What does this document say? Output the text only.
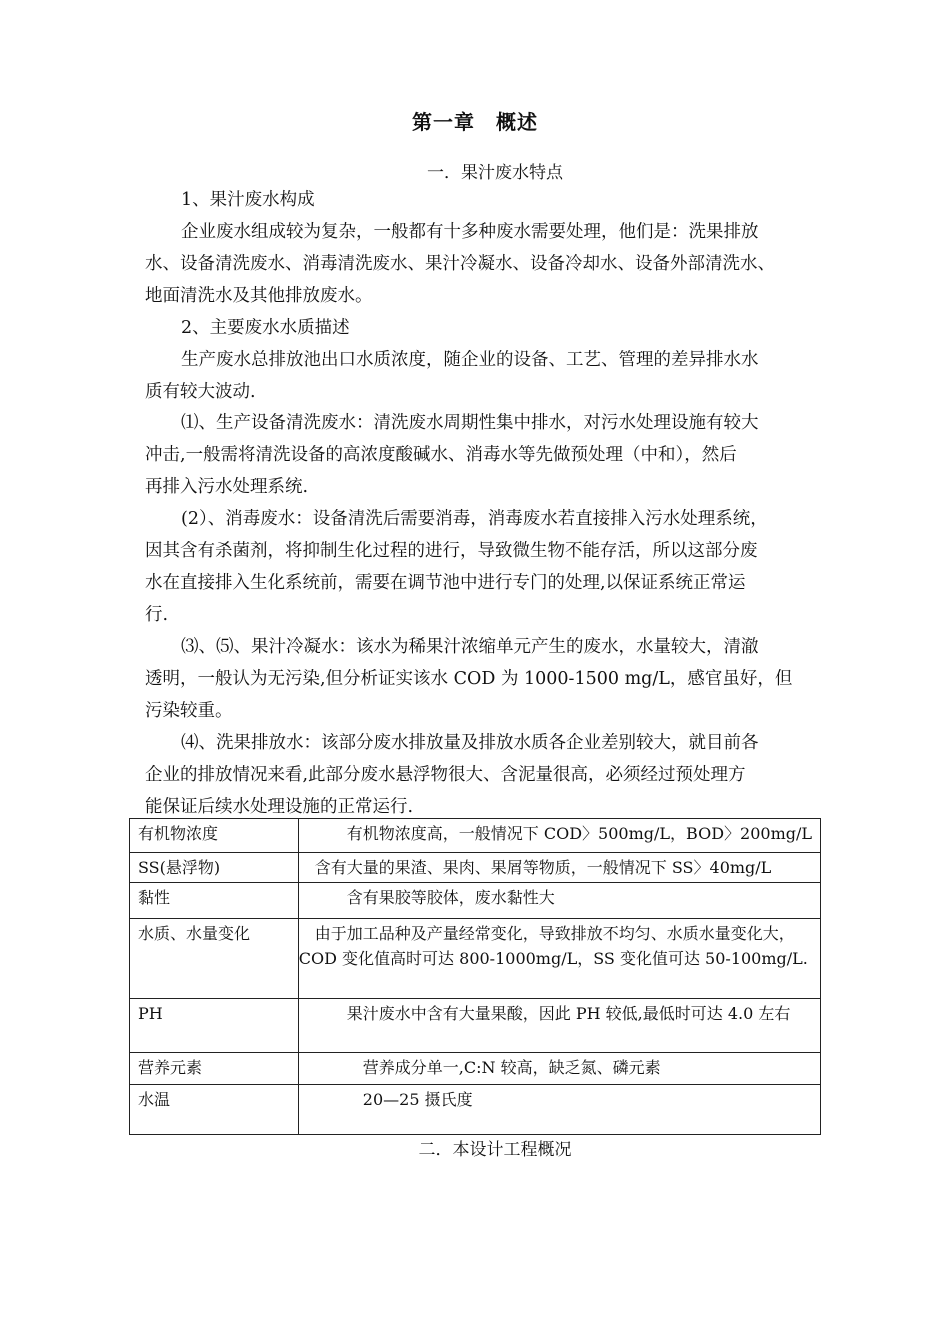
第一章　概述
一．果汁废水特点
1、果汁废水构成
企业废水组成较为复杂，一般都有十多种废水需要处理，他们是：洗果排放
水、设备清洗废水、消毒清洗废水、果汁冷凝水、设备冷却水、设备外部清洗水、
地面清洗水及其他排放废水。
2、主要废水水质描述
生产废水总排放池出口水质浓度，随企业的设备、工艺、管理的差异排水水
质有较大波动.
⑴、生产设备清洗废水：清洗废水周期性集中排水，对污水处理设施有较大
冲击,一般需将清洗设备的高浓度酸碱水、消毒水等先做预处理（中和），然后
再排入污水处理系统.
(2）、消毒废水：设备清洗后需要消毒，消毒废水若直接排入污水处理系统，
因其含有杀菌剂，将抑制生化过程的进行，导致微生物不能存活，所以这部分废
水在直接排入生化系统前，需要在调节池中进行专门的处理,以保证系统正常运
行.
⑶、⑸、果汁冷凝水：该水为稀果汁浓缩单元产生的废水，水量较大，清澈
透明，一般认为无污染,但分析证实该水 COD 为 1000-1500 mg/L，感官虽好，但
污染较重。
⑷、洗果排放水：该部分废水排放量及排放水质各企业差别较大，就目前各
企业的排放情况来看,此部分废水悬浮物很大、含泥量很高，必须经过预处理方
能保证后续水处理设施的正常运行.
有机物浓度	　　　有机物浓度高，一般情况下 COD〉500mg/L，BOD〉200mg/L
SS(悬浮物)	　含有大量的果渣、果肉、果屑等物质，一般情况下 SS〉40mg/L
黏性	　　　含有果胶等胶体，废水黏性大
水质、水量变化	　由于加工品种及产量经常变化，导致排放不均匀、水质水量变化大，COD 变化值高时可达 800-1000mg/L，SS 变化值可达 50-100mg/L.
PH	　　　果汁废水中含有大量果酸，因此 PH 较低,最低时可达 4.0 左右
营养元素	　　　　营养成分单一,C:N 较高，缺乏氮、磷元素
水温	　　　　20—25 摄氏度
二．本设计工程概况
